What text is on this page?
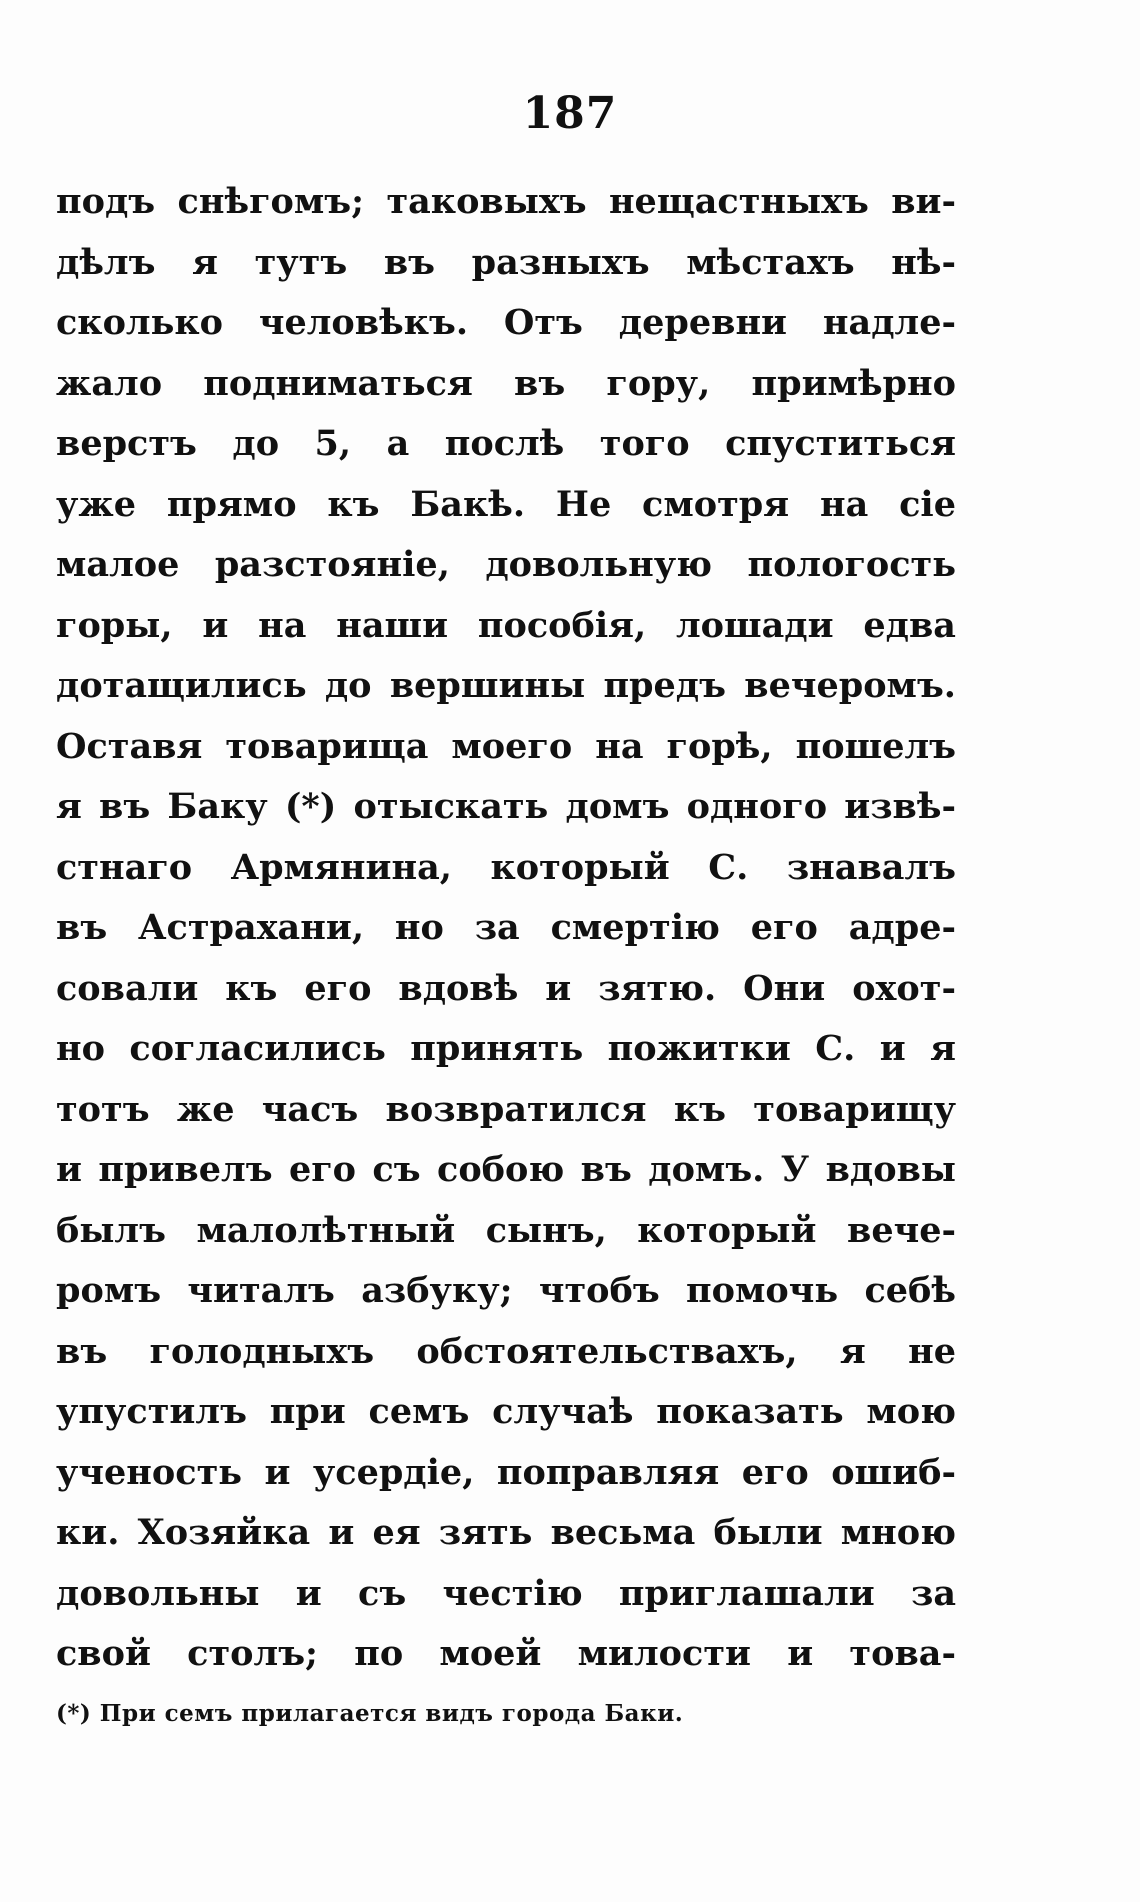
187
подъ снѣгомъ; таковыхъ нещастныхъ ви-
дѣлъ я тутъ въ разныхъ мѣстахъ нѣ-
сколько человѣкъ. Отъ деревни надле-
жало подниматься въ гору, примѣрно
верстъ до 5, а послѣ того спуститься
уже прямо къ Бакѣ. Не смотря на сіе
малое разстояніе, довольную пологость
горы, и на наши пособія, лошади едва
дотащились до вершины предъ вечеромъ.
Оставя товарища моего на горѣ, пошелъ
я въ Баку (*) отыскать домъ одного извѣ-
стнаго Армянина, который С. знавалъ
въ Астрахани, но за смертію его адре-
совали къ его вдовѣ и зятю. Они охот-
но согласились принять пожитки С. и я
тотъ же часъ возвратился къ товарищу
и привелъ его съ собою въ домъ. У вдовы
былъ малолѣтный сынъ, который вече-
ромъ читалъ азбуку; чтобъ помочь себѣ
въ голодныхъ обстоятельствахъ, я не
упустилъ при семъ случаѣ показать мою
ученость и усердіе, поправляя его ошиб-
ки. Хозяйка и ея зять весьма были мною
довольны и съ честію приглашали за
свой столъ; по моей милости и това-
(*) При семъ прилагается видъ города Баки.
